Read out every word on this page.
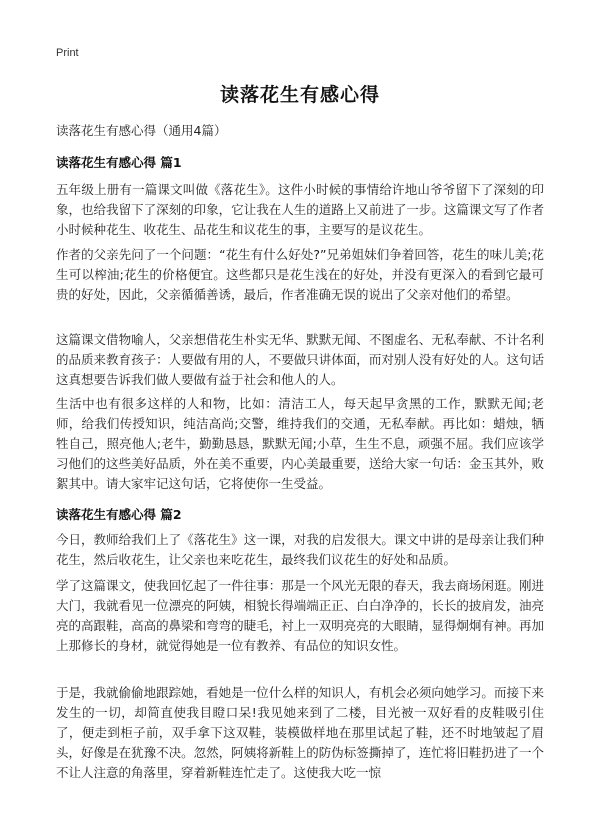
Print
读落花生有感心得
读落花生有感心得（通用4篇）
读落花生有感心得 篇1

五年级上册有一篇课文叫做《落花生》。这件小时候的事情给许地山爷爷留下了深刻的印象，也给我留下了深刻的印象，它让我在人生的道路上又前进了一步。这篇课文写了作者小时候种花生、收花生、品花生和议花生的事，主要写的是议花生。

作者的父亲先问了一个问题：“花生有什么好处?”兄弟姐妹们争着回答，花生的味儿美;花生可以榨油;花生的价格便宜。这些都只是花生浅在的好处，并没有更深入的看到它最可贵的好处，因此，父亲循循善诱，最后，作者准确无误的说出了父亲对他们的希望。

这篇课文借物喻人，父亲想借花生朴实无华、默默无闻、不图虚名、无私奉献、不计名利的品质来教育孩子：人要做有用的人，不要做只讲体面，而对别人没有好处的人。这句话这真想要告诉我们做人要做有益于社会和他人的人。

生活中也有很多这样的人和物，比如：清洁工人，每天起早贪黑的工作，默默无闻;老师，给我们传授知识，纯洁高尚;交警，维持我们的交通，无私奉献。再比如：蜡烛，牺牲自己，照亮他人;老牛，勤勤恳恳，默默无闻;小草，生生不息，顽强不屈。我们应该学习他们的这些美好品质，外在美不重要，内心美最重要，送给大家一句话：金玉其外，败絮其中。请大家牢记这句话，它将使你一生受益。

读落花生有感心得 篇2

今日，教师给我们上了《落花生》这一课，对我的启发很大。课文中讲的是母亲让我们种花生，然后收花生，让父亲也来吃花生，最终我们议花生的好处和品质。

学了这篇课文，使我回忆起了一件往事：那是一个风光无限的春天，我去商场闲逛。刚进大门，我就看见一位漂亮的阿姨，相貌长得端端正正、白白净净的，长长的披肩发，油亮亮的高跟鞋，高高的鼻梁和弯弯的睫毛，衬上一双明亮亮的大眼睛，显得炯炯有神。再加上那修长的身材，就觉得她是一位有教养、有品位的知识女性。

于是，我就偷偷地跟踪她，看她是一位什么样的知识人，有机会必须向她学习。而接下来发生的一切，却简直使我目瞪口呆!我见她来到了二楼，目光被一双好看的皮鞋吸引住了，便走到柜子前，双手拿下这双鞋，装模做样地在那里试起了鞋，还不时地皱起了眉头，好像是在犹豫不决。忽然，阿姨将新鞋上的防伪标签撕掉了，连忙将旧鞋扔进了一个不让人注意的角落里，穿着新鞋连忙走了。这使我大吃一惊
